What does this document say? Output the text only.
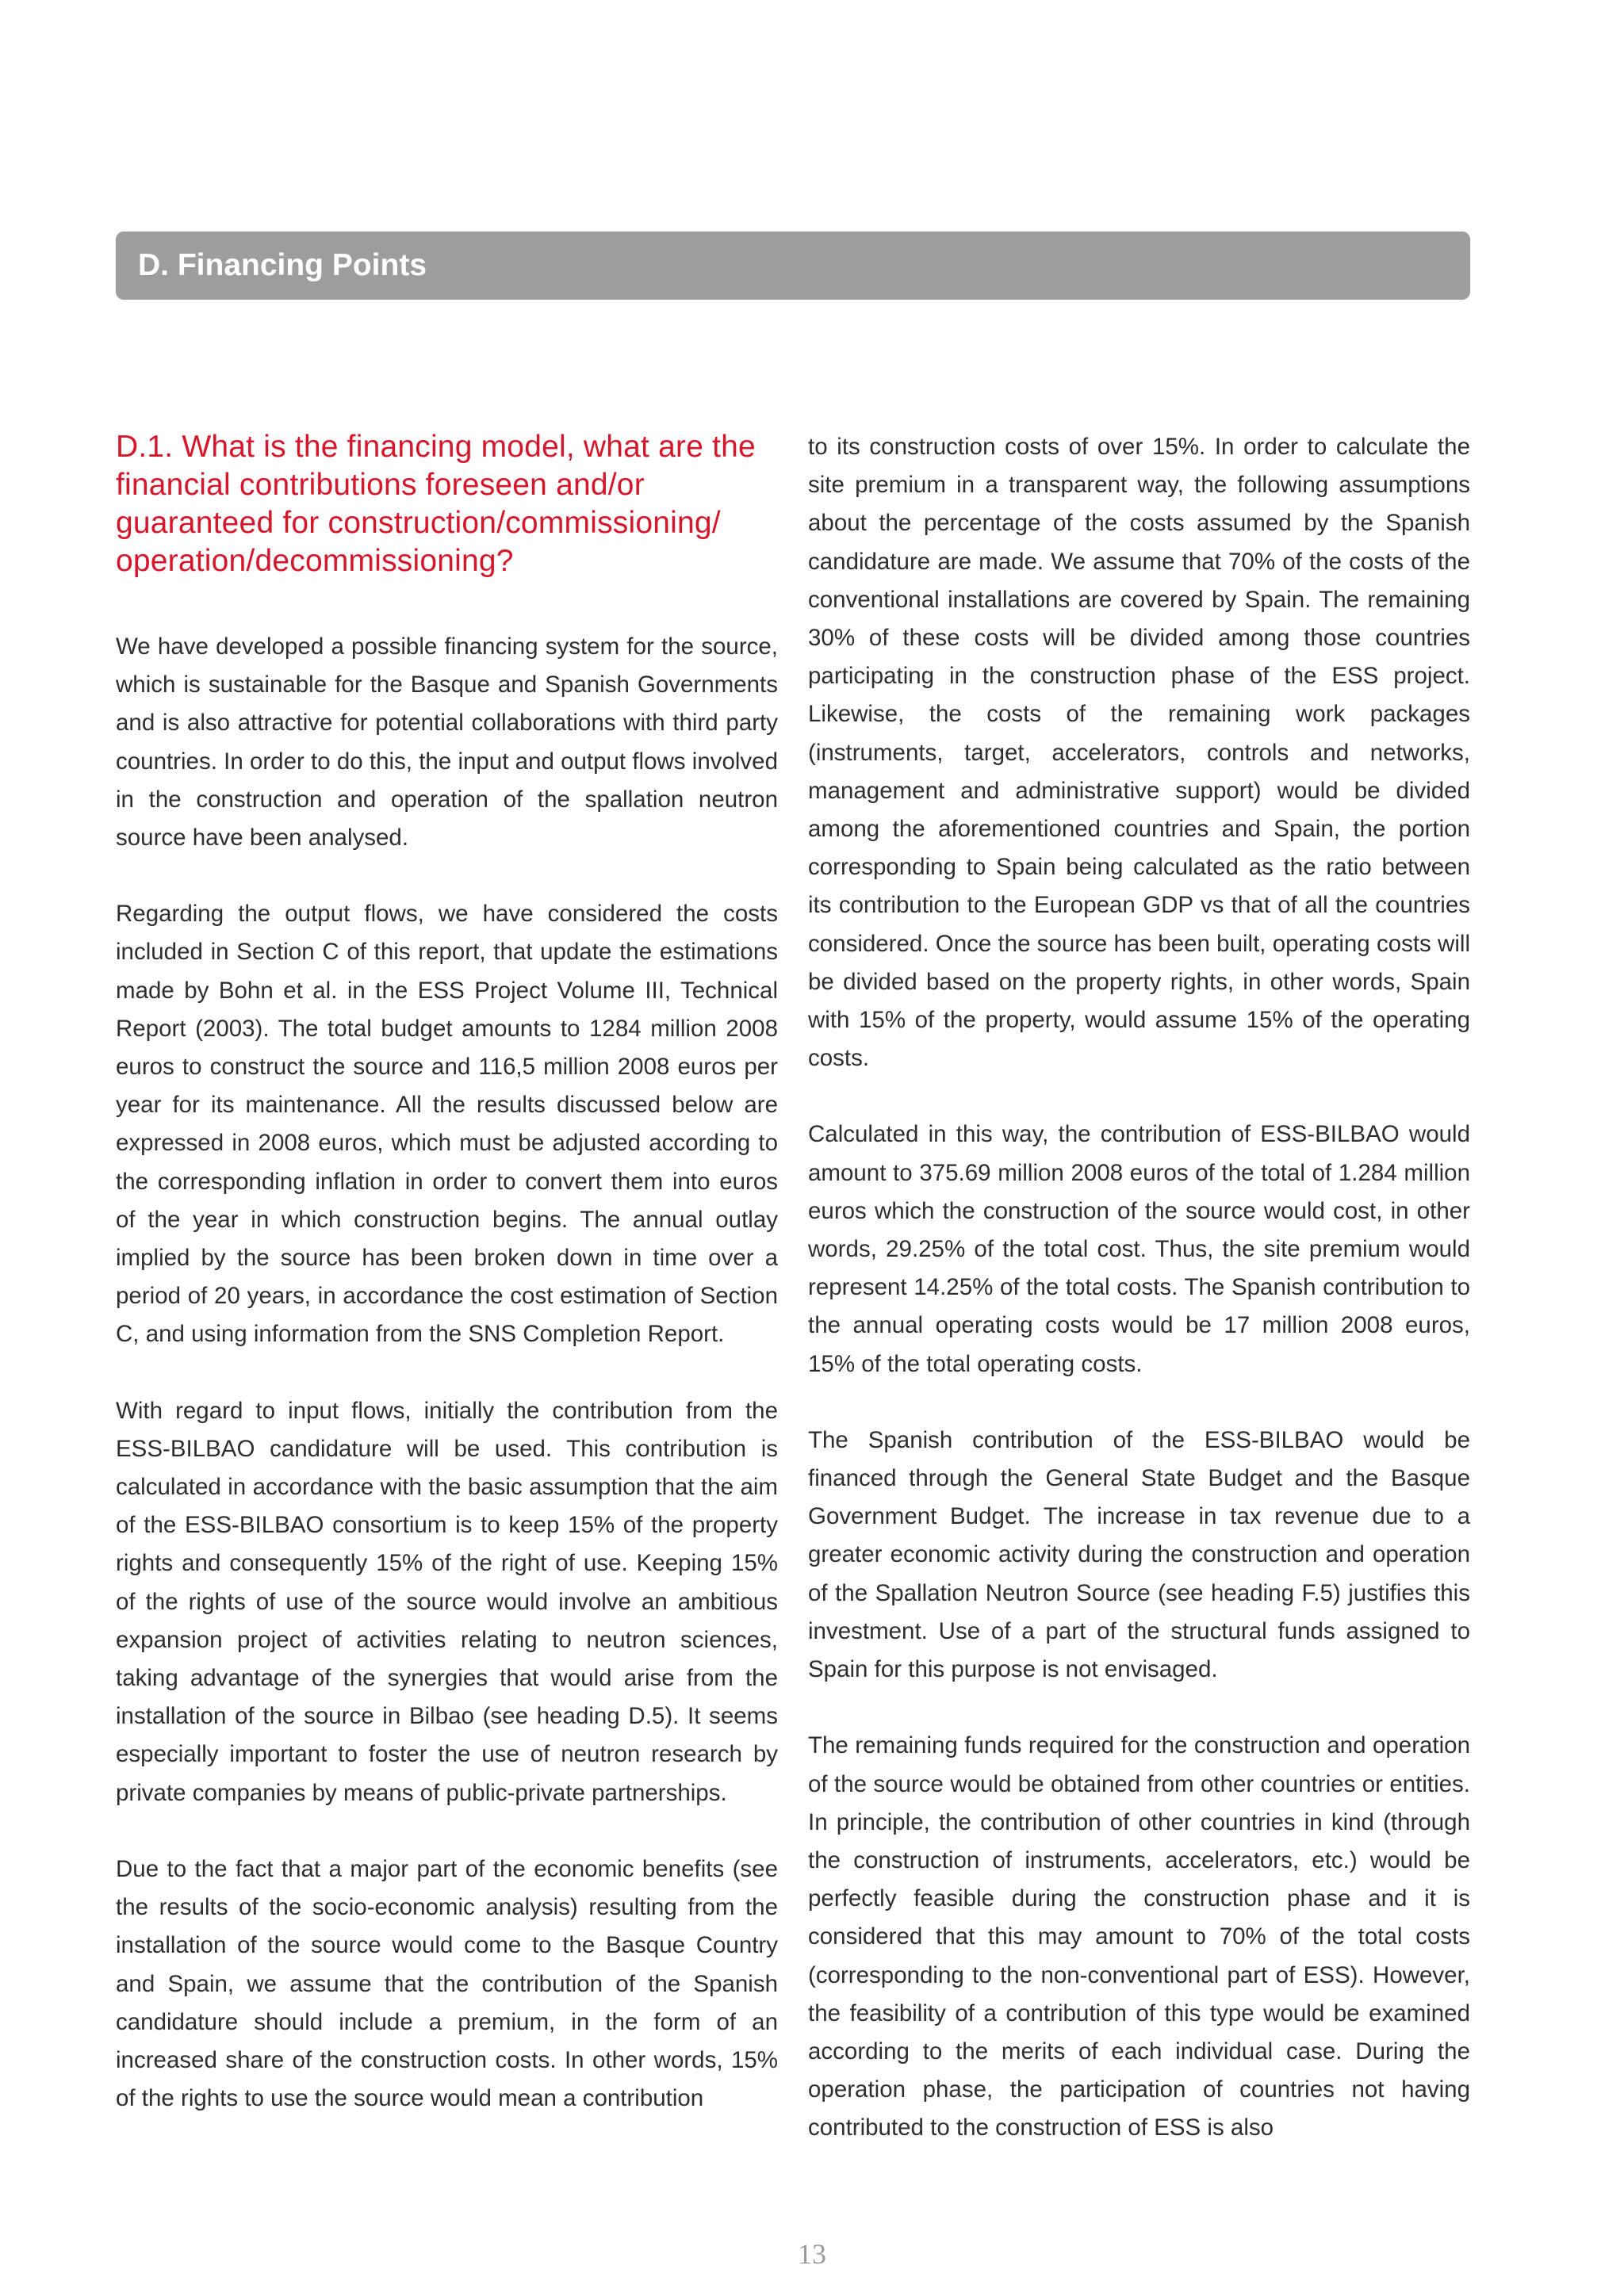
D. Financing Points
D.1. What is the financing model, what are the financial contributions foreseen and/or guaranteed for construction/commissioning/ operation/decommissioning?

We have developed a possible financing system for the source, which is sustainable for the Basque and Spanish Governments and is also attractive for potential collaborations with third party countries. In order to do this, the input and output flows involved in the construction and operation of the spallation neutron source have been analysed.

Regarding the output flows, we have considered the costs included in Section C of this report, that update the estimations made by Bohn et al. in the ESS Project Volume III, Technical Report (2003). The total budget amounts to 1284 million 2008 euros to construct the source and 116,5 million 2008 euros per year for its maintenance. All the results discussed below are expressed in 2008 euros, which must be adjusted according to the corresponding inflation in order to convert them into euros of the year in which construction begins. The annual outlay implied by the source has been broken down in time over a period of 20 years, in accordance the cost estimation of Section C, and using information from the SNS Completion Report.

With regard to input flows, initially the contribution from the ESS-BILBAO candidature will be used. This contribution is calculated in accordance with the basic assumption that the aim of the ESS-BILBAO consortium is to keep 15% of the property rights and consequently 15% of the right of use. Keeping 15% of the rights of use of the source would involve an ambitious expansion project of activities relating to neutron sciences, taking advantage of the synergies that would arise from the installation of the source in Bilbao (see heading D.5). It seems especially important to foster the use of neutron research by private companies by means of public-private partnerships.

Due to the fact that a major part of the economic benefits (see the results of the socio-economic analysis) resulting from the installation of the source would come to the Basque Country and Spain, we assume that the contribution of the Spanish candidature should include a premium, in the form of an increased share of the construction costs. In other words, 15% of the rights to use the source would mean a contribution

to its construction costs of over 15%. In order to calculate the site premium in a transparent way, the following assumptions about the percentage of the costs assumed by the Spanish candidature are made. We assume that 70% of the costs of the conventional installations are covered by Spain. The remaining 30% of these costs will be divided among those countries participating in the construction phase of the ESS project. Likewise, the costs of the remaining work packages (instruments, target, accelerators, controls and networks, management and administrative support) would be divided among the aforementioned countries and Spain, the portion corresponding to Spain being calculated as the ratio between its contribution to the European GDP vs that of all the countries considered. Once the source has been built, operating costs will be divided based on the property rights, in other words, Spain with 15% of the property, would assume 15% of the operating costs.

Calculated in this way, the contribution of ESS-BILBAO would amount to 375.69 million 2008 euros of the total of 1.284 million euros which the construction of the source would cost, in other words, 29.25% of the total cost. Thus, the site premium would represent 14.25% of the total costs. The Spanish contribution to the annual operating costs would be 17 million 2008 euros, 15% of the total operating costs.

The Spanish contribution of the ESS-BILBAO would be financed through the General State Budget and the Basque Government Budget. The increase in tax revenue due to a greater economic activity during the construction and operation of the Spallation Neutron Source (see heading F.5) justifies this investment. Use of a part of the structural funds assigned to Spain for this purpose is not envisaged.

The remaining funds required for the construction and operation of the source would be obtained from other countries or entities. In principle, the contribution of other countries in kind (through the construction of instruments, accelerators, etc.) would be perfectly feasible during the construction phase and it is considered that this may amount to 70% of the total costs (corresponding to the non-conventional part of ESS). However, the feasibility of a contribution of this type would be examined according to the merits of each individual case. During the operation phase, the participation of countries not having contributed to the construction of ESS is also

13
